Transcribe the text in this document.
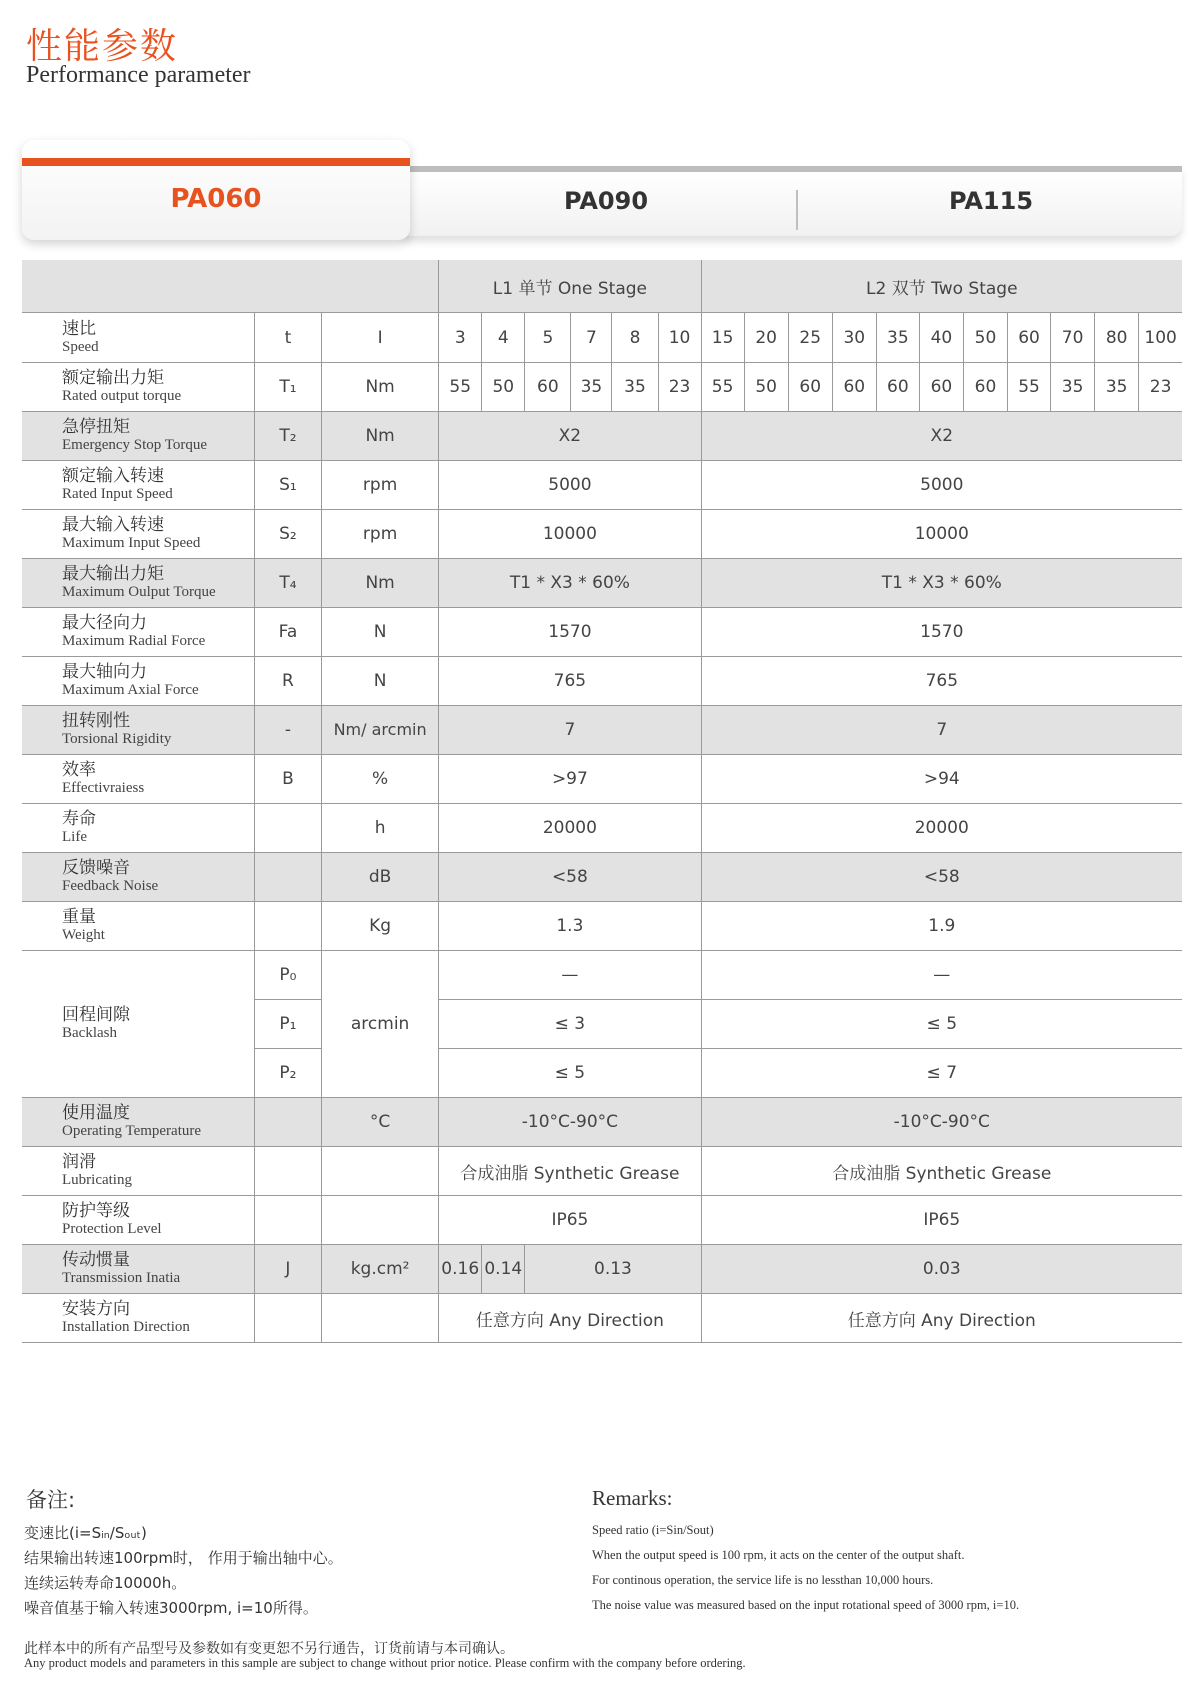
性能参数
Performance parameter
PA060	PA090	PA115
			L1 单节 One Stage						L2 双节 Two Stage										

速比
Speed	t	I	3	4	5	7	8	10	15	20	25	30	35	40	50	60	70	80	100

额定输出力矩
Rated output torque	T₁	Nm	55	50	60	35	35	23	55	50	60	60	60	60	60	55	35	35	23

急停扭矩
Emergency Stop Torque	T₂	Nm	X2						X2										

额定输入转速
Rated Input Speed	S₁	rpm	5000						5000										

最大输入转速
Maximum Input Speed	S₂	rpm	10000						10000										

最大输出力矩
Maximum Oulput Torque	T₄	Nm	T1 * X3 * 60%						T1 * X3 * 60%										

最大径向力
Maximum Radial Force	Fa	N	1570						1570										

最大轴向力
Maximum Axial Force	R	N	765						765										

扭转刚性
Torsional Rigidity	-	Nm/ arcmin	7						7										

效率
Effectivraiess	B	%	>97						>94										

寿命
Life		h	20000						20000										

反馈噪音
Feedback Noise		dB	<58						<58										

重量
Weight		Kg	1.3						1.9										

回程间隙
Backlash	P₀	arcmin	—						—										
	P₁		≤ 3						≤ 5										
	P₂		≤ 5						≤ 7										

使用温度
Operating Temperature		°C	-10°C-90°C						-10°C-90°C										

润滑
Lubricating			合成油脂 Synthetic Grease						合成油脂 Synthetic Grease										

防护等级
Protection Level			IP65						IP65										

传动惯量
Transmission Inatia	J	kg.cm²	0.16	0.14	0.13				0.03										

安装方向
Installation Direction			任意方向 Any Direction						任意方向 Any Direction										
备注:
变速比(i=Sᵢₙ/Sₒᵤₜ)
结果输出转速100rpm时， 作用于输出轴中心。
连续运转寿命10000h。
噪音值基于输入转速3000rpm, i=10所得。
Remarks:
Speed ratio (i=Sin/Sout)
When the output speed is 100 rpm, it acts on the center of the output shaft.
For continous operation, the service life is no lessthan 10,000 hours.
The noise value was measured based on the input rotational speed of 3000 rpm, i=10.
此样本中的所有产品型号及参数如有变更恕不另行通告，订货前请与本司确认。
Any product models and parameters in this sample are subject to change without prior notice. Please confirm with the company before ordering.
